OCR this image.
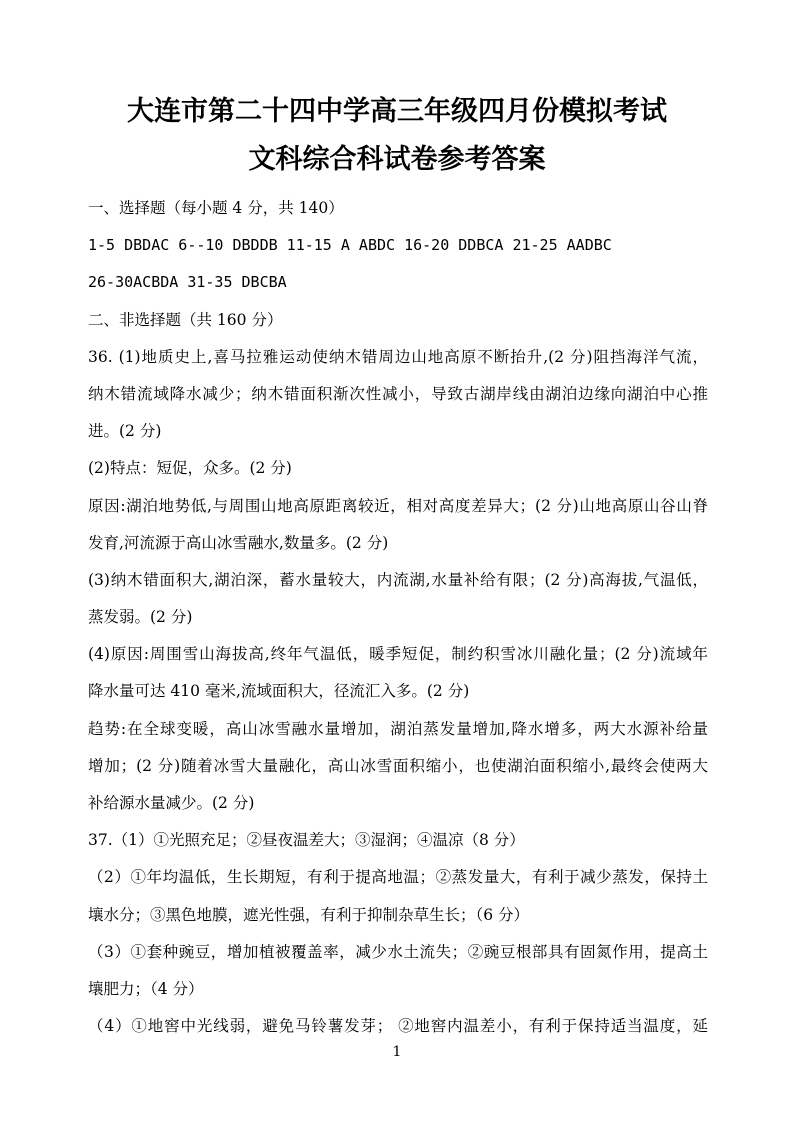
大连市第二十四中学高三年级四月份模拟考试
文科综合科试卷参考答案
一、选择题（每小题 4 分，共 140）
1-5 DBDAC 6--10 DBDDB 11-15 A ABDC 16-20 DDBCA 21-25 AADBC
26-30ACBDA 31-35 DBCBA
二、非选择题（共 160 分）
36. (1)地质史上,喜马拉雅运动使纳木错周边山地高原不断抬升,(2 分)阻挡海洋气流，
纳木错流域降水减少；纳木错面积渐次性减小，导致古湖岸线由湖泊边缘向湖泊中心推
进。(2 分)
(2)特点：短促，众多。(2 分)
原因:湖泊地势低,与周围山地高原距离较近，相对高度差异大；(2 分)山地高原山谷山脊
发育,河流源于高山冰雪融水,数量多。(2 分)
(3)纳木错面积大,湖泊深，蓄水量较大，内流湖,水量补给有限；(2 分)高海拔,气温低，
蒸发弱。(2 分)
(4)原因:周围雪山海拔高,终年气温低，暖季短促，制约积雪冰川融化量；(2 分)流域年
降水量可达 410 毫米,流域面积大，径流汇入多。(2 分)
趋势:在全球变暖，高山冰雪融水量增加，湖泊蒸发量增加,降水增多，两大水源补给量
增加；(2 分)随着冰雪大量融化，高山冰雪面积缩小，也使湖泊面积缩小,最终会使两大
补给源水量减少。(2 分)
37.（1）①光照充足；②昼夜温差大；③湿润；④温凉（8 分）
（2）①年均温低，生长期短，有利于提高地温；②蒸发量大，有利于减少蒸发，保持土
壤水分；③黑色地膜，遮光性强，有利于抑制杂草生长；（6 分）
（3）①套种豌豆，增加植被覆盖率，减少水土流失；②豌豆根部具有固氮作用，提高土
壤肥力；（4 分）
（4）①地窖中光线弱，避免马铃薯发芽； ②地窖内温差小，有利于保持适当温度，延
1
